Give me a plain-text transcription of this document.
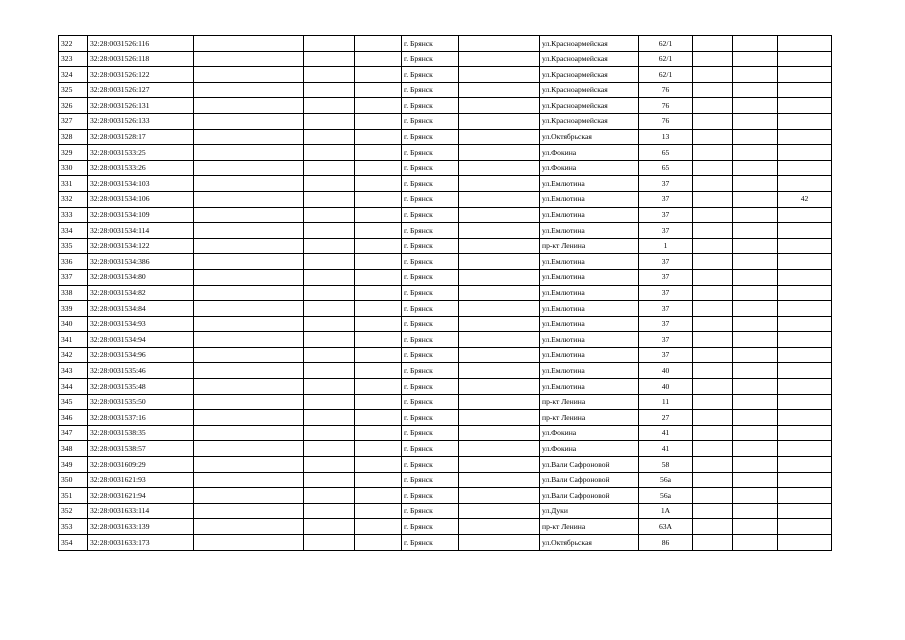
322	32:28:0031526:116				г. Брянск		ул.Красноармейская	62/1			
323	32:28:0031526:118				г. Брянск		ул.Красноармейская	62/1			
324	32:28:0031526:122				г. Брянск		ул.Красноармейская	62/1			
325	32:28:0031526:127				г. Брянск		ул.Красноармейская	76			
326	32:28:0031526:131				г. Брянск		ул.Красноармейская	76			
327	32:28:0031526:133				г. Брянск		ул.Красноармейская	76			
328	32:28:0031528:17				г. Брянск		ул.Октябрьская	13			
329	32:28:0031533:25				г. Брянск		ул.Фокина	65			
330	32:28:0031533:26				г. Брянск		ул.Фокина	65			
331	32:28:0031534:103				г. Брянск		ул.Емлютина	37			
332	32:28:0031534:106				г. Брянск		ул.Емлютина	37			42
333	32:28:0031534:109				г. Брянск		ул.Емлютина	37			
334	32:28:0031534:114				г. Брянск		ул.Емлютина	37			
335	32:28:0031534:122				г. Брянск		пр-кт Ленина	1			
336	32:28:0031534:386				г. Брянск		ул.Емлютина	37			
337	32:28:0031534:80				г. Брянск		ул.Емлютина	37			
338	32:28:0031534:82				г. Брянск		ул.Емлютина	37			
339	32:28:0031534:84				г. Брянск		ул.Емлютина	37			
340	32:28:0031534:93				г. Брянск		ул.Емлютина	37			
341	32:28:0031534:94				г. Брянск		ул.Емлютина	37			
342	32:28:0031534:96				г. Брянск		ул.Емлютина	37			
343	32:28:0031535:46				г. Брянск		ул.Емлютина	40			
344	32:28:0031535:48				г. Брянск		ул.Емлютина	40			
345	32:28:0031535:50				г. Брянск		пр-кт Ленина	11			
346	32:28:0031537:16				г. Брянск		пр-кт Ленина	27			
347	32:28:0031538:35				г. Брянск		ул.Фокина	41			
348	32:28:0031538:57				г. Брянск		ул.Фокина	41			
349	32:28:0031609:29				г. Брянск		ул.Вали Сафроновой	58			
350	32:28:0031621:93				г. Брянск		ул.Вали Сафроновой	56а			
351	32:28:0031621:94				г. Брянск		ул.Вали Сафроновой	56а			
352	32:28:0031633:114				г. Брянск		ул.Дуки	1А			
353	32:28:0031633:139				г. Брянск		пр-кт Ленина	63А			
354	32:28:0031633:173				г. Брянск		ул.Октябрьская	86			
